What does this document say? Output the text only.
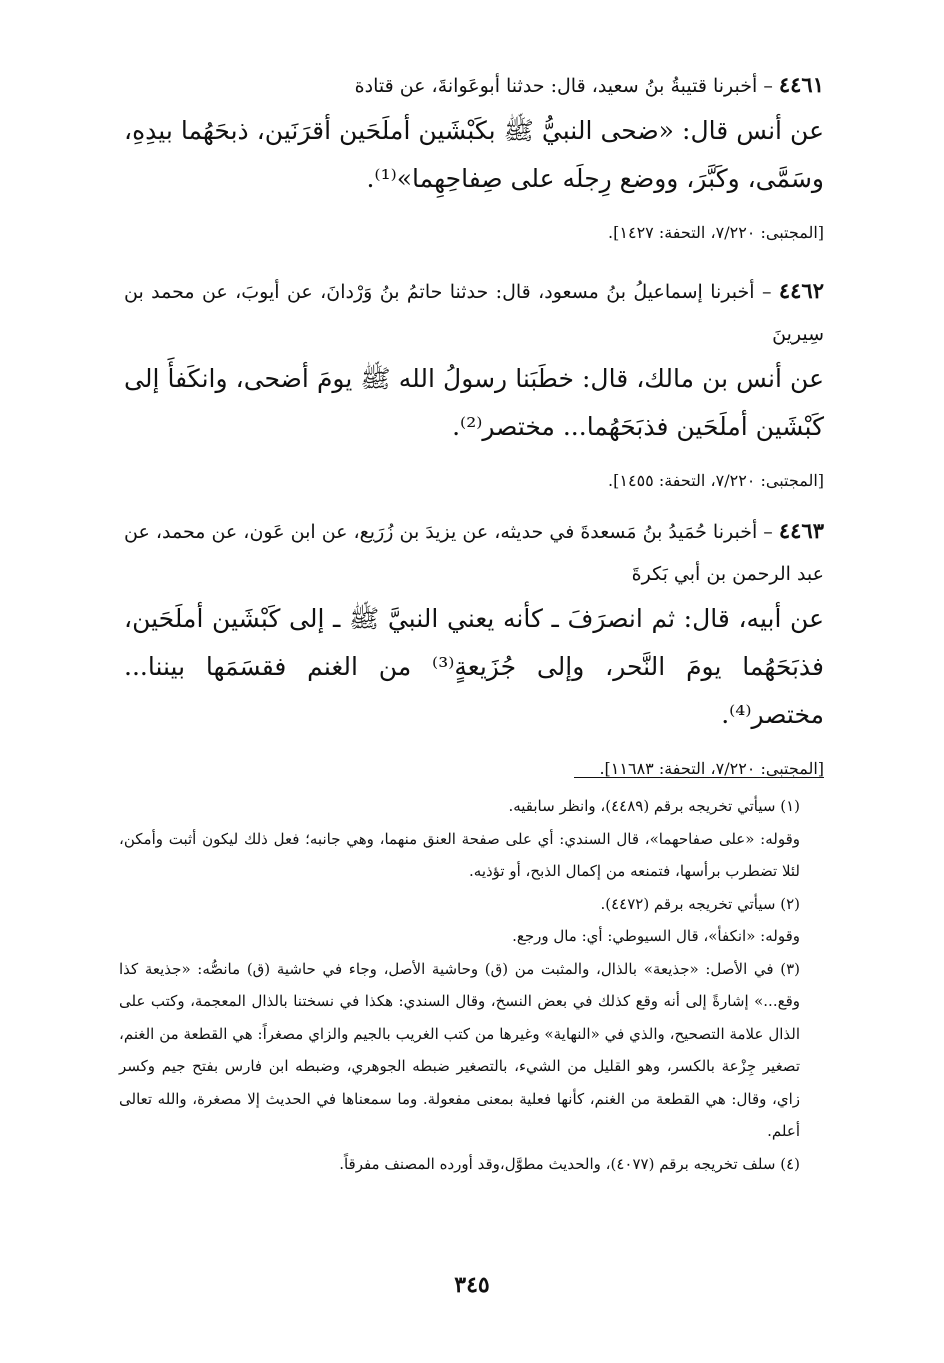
٤٤٦١ – أخبرنا قتيبةُ بنُ سعيد، قال: حدثنا أبوعَوانةَ، عن قتادة
عن أنس قال: «ضحى النبيُّ ﷺ بكَبْشَين أملَحَين أقرَنَين، ذبحَهُما بيدِهِ، وسَمَّى، وكَبَّرَ، ووضع رِجلَه على صِفاحِهِما»⁽¹⁾.
[المجتبى: ٧/٢٢٠، التحفة: ١٤٢٧].
٤٤٦٢ – أخبرنا إسماعيلُ بنُ مسعود، قال: حدثنا حاتمُ بنُ وَرْدانَ، عن أيوبَ، عن محمد بن سِيرينَ
عن أنس بن مالك، قال: خطَبَنا رسولُ الله ﷺ يومَ أضحى، وانكَفأَ إلى كَبْشَين أملَحَين فذبَحَهُما... مختصر⁽²⁾.
[المجتبى: ٧/٢٢٠، التحفة: ١٤٥٥].
٤٤٦٣ – أخبرنا حُمَيدُ بنُ مَسعدةَ في حديثه، عن يزيدَ بن زُرَيع، عن ابن عَون، عن محمد، عن عبد الرحمن بن أبي بَكرةَ
عن أبيه، قال: ثم انصرَفَ ـ كأنه يعني النبيَّ ﷺ ـ إلى كَبْشَين أملَحَين، فذبَحَهُما يومَ النَّحر، وإلى جُزَيعةٍ⁽³⁾ من الغنم فقسَمَها بيننا... مختصر⁽⁴⁾.
[المجتبى: ٧/٢٢٠، التحفة: ١١٦٨٣].

(١) سيأتي تخريجه برقم (٤٤٨٩)، وانظر سابقيه.

وقوله: «على صفاحهما»، قال السندي: أي على صفحة العنق منهما، وهي جانبه؛ فعل ذلك ليكون أثبت وأمكن، لئلا تضطرب برأسها، فتمنعه من إكمال الذبح، أو تؤذيه.

(٢) سيأتي تخريجه برقم (٤٤٧٢).

وقوله: «انكفأ»، قال السيوطي: أي: مال ورجع.

(٣) في الأصل: «جذيعة» بالذال، والمثبت من (ق) وحاشية الأصل، وجاء في حاشية (ق) مانصُّه: «جذيعة كذا وقع...» إشارةً إلى أنه وقع كذلك في بعض النسخ، وقال السندي: هكذا في نسختنا بالذال المعجمة، وكتب على الذال علامة التصحيح، والذي في «النهاية» وغيرها من كتب الغريب بالجيم والزاي مصغراً: هي القطعة من الغنم، تصغير جِزْعة بالكسر، وهو القليل من الشيء، بالتصغير ضبطه الجوهري، وضبطه ابن فارس بفتح جيم وكسر زاي، وقال: هي القطعة من الغنم، كأنها فعلية بمعنى مفعولة. وما سمعناها في الحديث إلا مصغرة، والله تعالى أعلم.

(٤) سلف تخريجه برقم (٤٠٧٧)، والحديث مطوَّل،وقد أورده المصنف مفرقاً.

٣٤٥
